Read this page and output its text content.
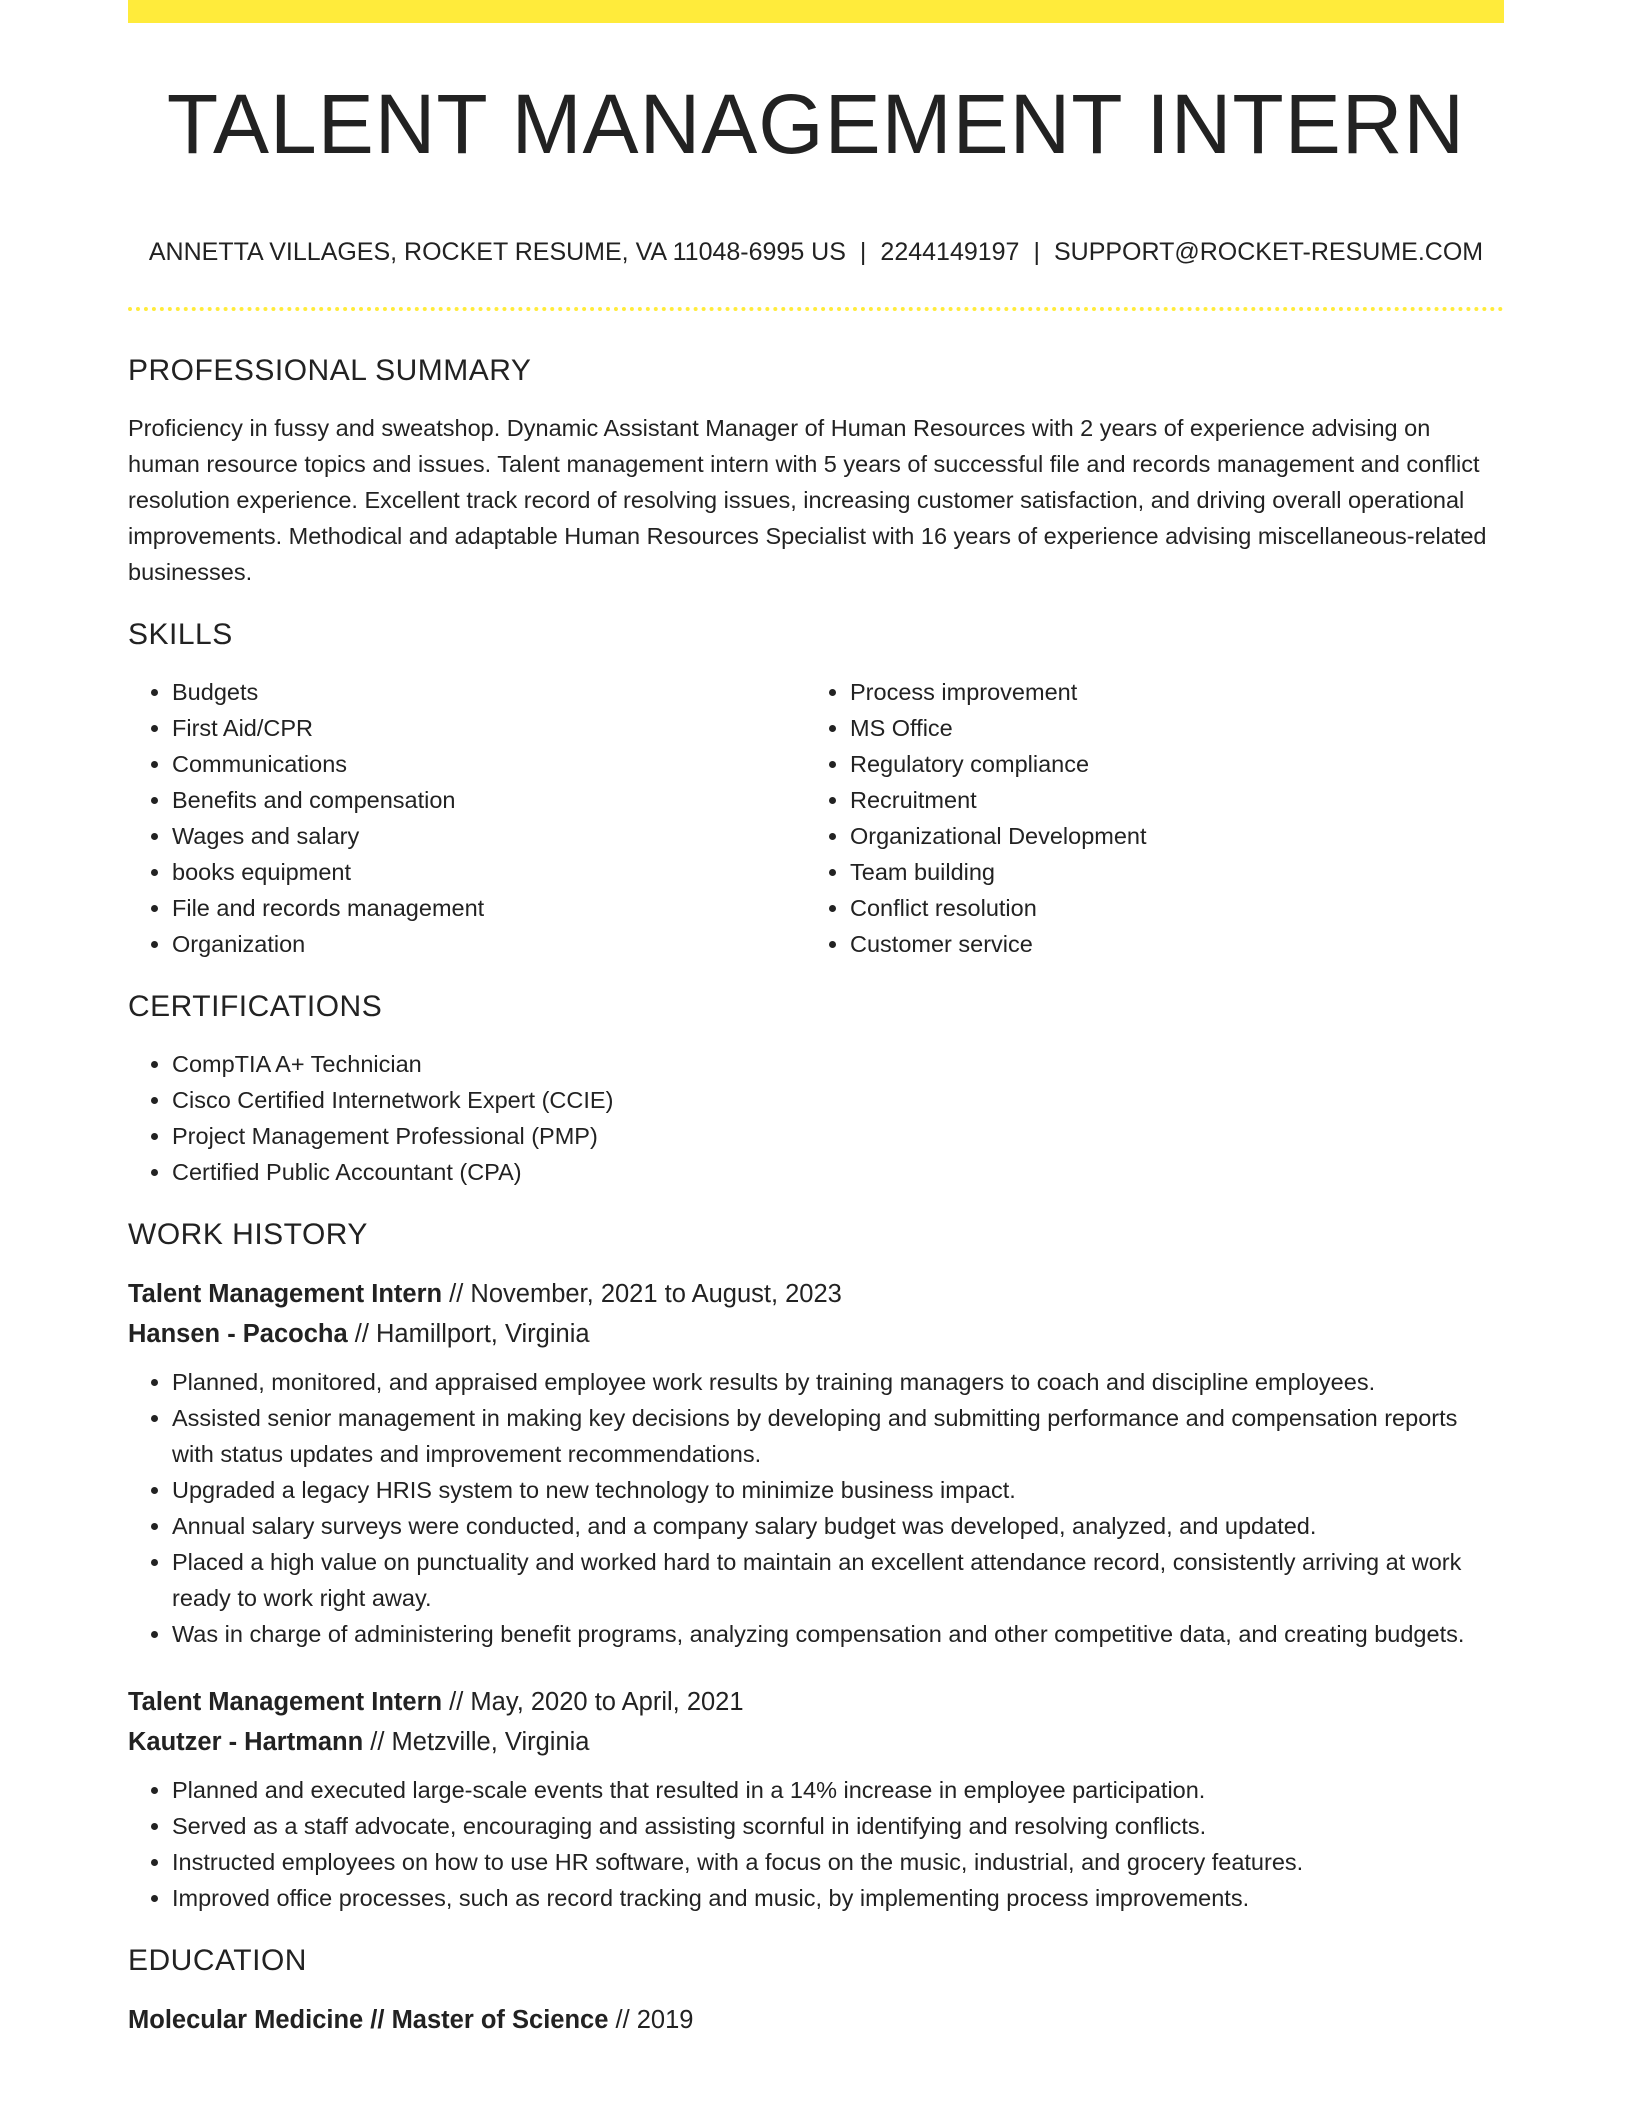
TALENT MANAGEMENT INTERN
ANNETTA VILLAGES, ROCKET RESUME, VA 11048-6995 US | 2244149197 | SUPPORT@ROCKET-RESUME.COM
PROFESSIONAL SUMMARY

Proficiency in fussy and sweatshop. Dynamic Assistant Manager of Human Resources with 2 years of experience advising on human resource topics and issues. Talent management intern with 5 years of successful file and records management and conflict resolution experience. Excellent track record of resolving issues, increasing customer satisfaction, and driving overall operational improvements. Methodical and adaptable Human Resources Specialist with 16 years of experience advising miscellaneous-related businesses.

SKILLS
• Budgets
• First Aid/CPR
• Communications
• Benefits and compensation
• Wages and salary
• books equipment
• File and records management
• Organization
• Process improvement
• MS Office
• Regulatory compliance
• Recruitment
• Organizational Development
• Team building
• Conflict resolution
• Customer service
CERTIFICATIONS
• CompTIA A+ Technician
• Cisco Certified Internetwork Expert (CCIE)
• Project Management Professional (PMP)
• Certified Public Accountant (CPA)
WORK HISTORY
Talent Management Intern // November, 2021 to August, 2023
Hansen - Pacocha // Hamillport, Virginia
• Planned, monitored, and appraised employee work results by training managers to coach and discipline employees.
• Assisted senior management in making key decisions by developing and submitting performance and compensation reports with status updates and improvement recommendations.
• Upgraded a legacy HRIS system to new technology to minimize business impact.
• Annual salary surveys were conducted, and a company salary budget was developed, analyzed, and updated.
• Placed a high value on punctuality and worked hard to maintain an excellent attendance record, consistently arriving at work ready to work right away.
• Was in charge of administering benefit programs, analyzing compensation and other competitive data, and creating budgets.
Talent Management Intern // May, 2020 to April, 2021
Kautzer - Hartmann // Metzville, Virginia
• Planned and executed large-scale events that resulted in a 14% increase in employee participation.
• Served as a staff advocate, encouraging and assisting scornful in identifying and resolving conflicts.
• Instructed employees on how to use HR software, with a focus on the music, industrial, and grocery features.
• Improved office processes, such as record tracking and music, by implementing process improvements.
EDUCATION
Molecular Medicine // Master of Science // 2019
